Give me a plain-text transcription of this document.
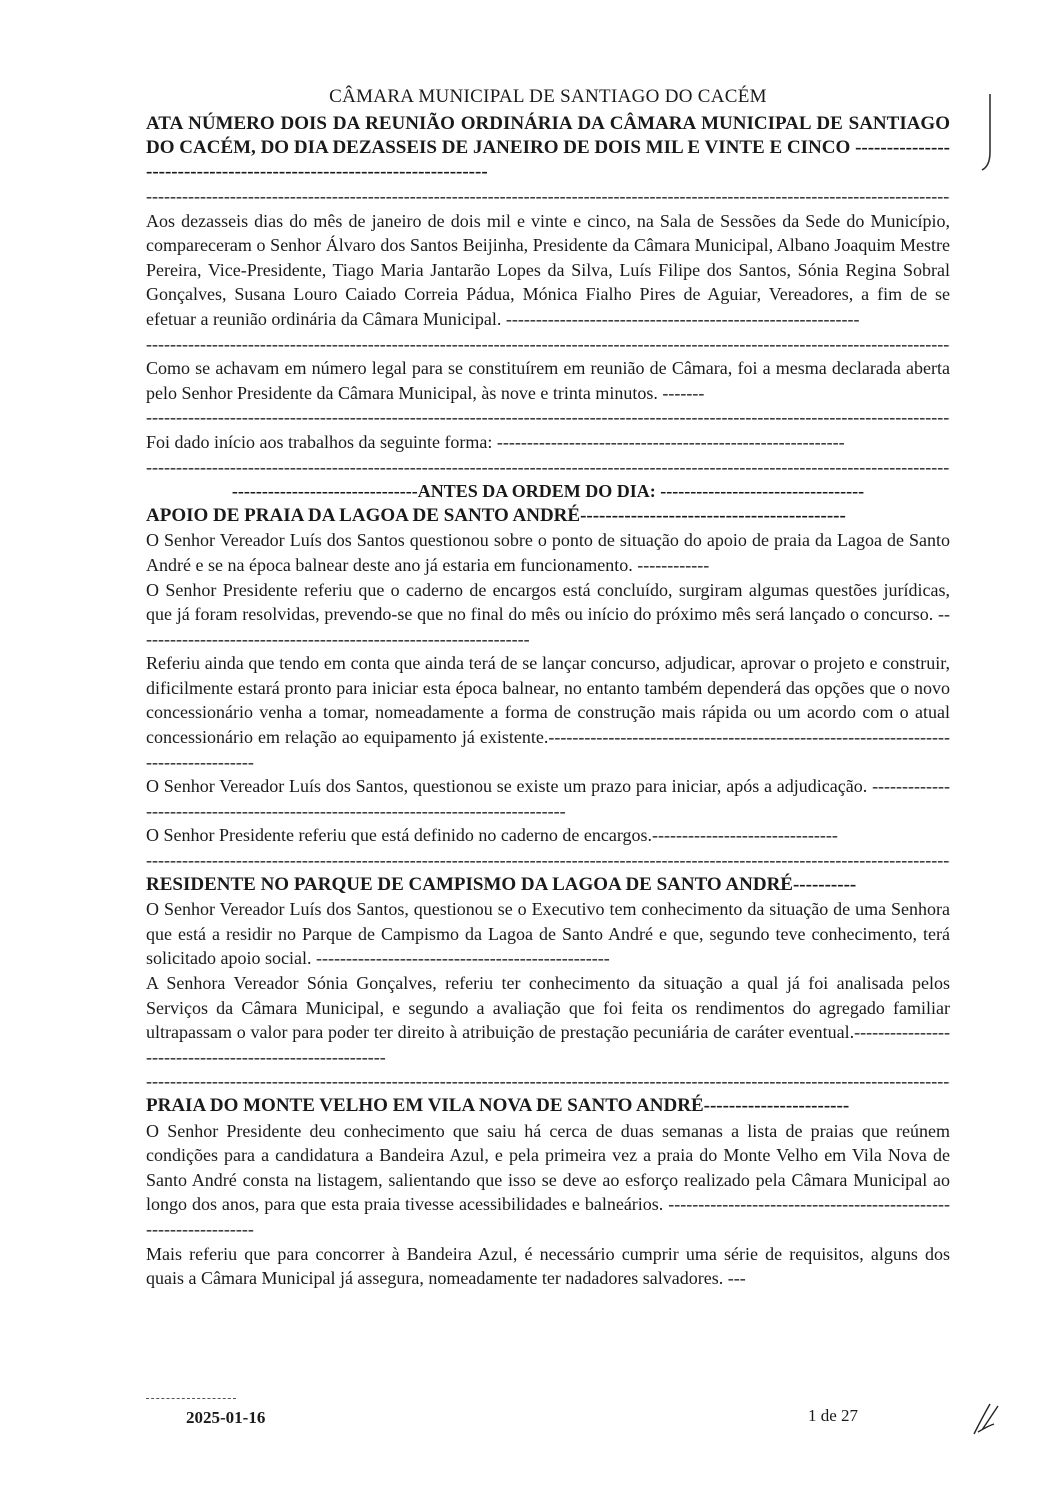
CÂMARA MUNICIPAL DE SANTIAGO DO CACÉM
ATA NÚMERO DOIS DA REUNIÃO ORDINÁRIA DA CÂMARA MUNICIPAL DE SANTIAGO DO CACÉM, DO DIA DEZASSEIS DE JANEIRO DE DOIS MIL E VINTE E CINCO ---------------------------------------------------------------------
-----

Aos dezasseis dias do mês de janeiro de dois mil e vinte e cinco, na Sala de Sessões da Sede do Município, compareceram o Senhor Álvaro dos Santos Beijinha, Presidente da Câmara Municipal, Albano Joaquim Mestre Pereira, Vice-Presidente, Tiago Maria Jantarão Lopes da Silva, Luís Filipe dos Santos, Sónia Regina Sobral Gonçalves, Susana Louro Caiado Correia Pádua, Mónica Fialho Pires de Aguiar, Vereadores, a fim de se efetuar a reunião ordinária da Câmara Municipal. -----------------------------------------------------------

-----

Como se achavam em número legal para se constituírem em reunião de Câmara, foi a mesma declarada aberta pelo Senhor Presidente da Câmara Municipal, às nove e trinta minutos. -------

-----

Foi dado início aos trabalhos da seguinte forma: ----------------------------------------------------------

-----
-------------------------------ANTES DA ORDEM DO DIA: ----------------------------------
APOIO DE PRAIA DA LAGOA DE SANTO ANDRÉ------------------------------------------

O Senhor Vereador Luís dos Santos questionou sobre o ponto de situação do apoio de praia da Lagoa de Santo André e se na época balnear deste ano já estaria em funcionamento. ------------

O Senhor Presidente referiu que o caderno de encargos está concluído, surgiram algumas questões jurídicas, que já foram resolvidas, prevendo-se que no final do mês ou início do próximo mês será lançado o concurso. ------------------------------------------------------------------

Referiu ainda que tendo em conta que ainda terá de se lançar concurso, adjudicar, aprovar o projeto e construir, dificilmente estará pronto para iniciar esta época balnear, no entanto também dependerá das opções que o novo concessionário venha a tomar, nomeadamente a forma de construção mais rápida ou um acordo com o atual concessionário em relação ao equipamento já existente.-------------------------------------------------------------------------------------

O Senhor Vereador Luís dos Santos, questionou se existe um prazo para iniciar, após a adjudicação. -----------------------------------------------------------------------------------

O Senhor Presidente referiu que está definido no caderno de encargos.-------------------------------

-----
RESIDENTE NO PARQUE DE CAMPISMO DA LAGOA DE SANTO ANDRÉ----------

O Senhor Vereador Luís dos Santos, questionou se o Executivo tem conhecimento da situação de uma Senhora que está a residir no Parque de Campismo da Lagoa de Santo André e que, segundo teve conhecimento, terá solicitado apoio social. -------------------------------------------------

A Senhora Vereador Sónia Gonçalves, referiu ter conhecimento da situação a qual já foi analisada pelos Serviços da Câmara Municipal, e segundo a avaliação que foi feita os rendimentos do agregado familiar ultrapassam o valor para poder ter direito à atribuição de prestação pecuniária de caráter eventual.--------------------------------------------------------

-----
PRAIA DO MONTE VELHO EM VILA NOVA DE SANTO ANDRÉ-----------------------

O Senhor Presidente deu conhecimento que saiu há cerca de duas semanas a lista de praias que reúnem condições para a candidatura a Bandeira Azul, e pela primeira vez a praia do Monte Velho em Vila Nova de Santo André consta na listagem, salientando que isso se deve ao esforço realizado pela Câmara Municipal ao longo dos anos, para que esta praia tivesse acessibilidades e balneários. -----------------------------------------------------------------

Mais referiu que para concorrer à Bandeira Azul, é necessário cumprir uma série de requisitos, alguns dos quais a Câmara Municipal já assegura, nomeadamente ter nadadores salvadores. ---

2025-01-16	1 de 27
